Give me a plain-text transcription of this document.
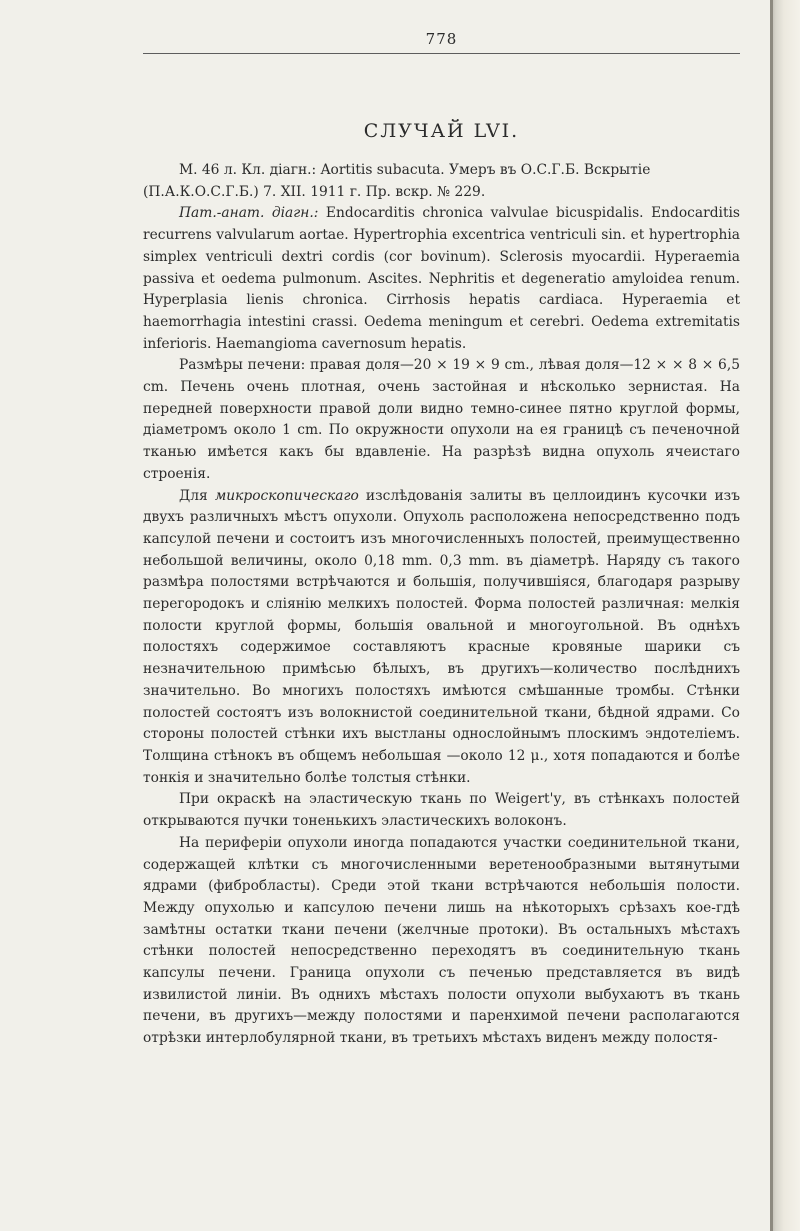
778
СЛУЧАЙ LVI.

М. 46 л. Кл. діагн.: Aortitis subacuta. Умеръ въ О.С.Г.Б. Вскрытіе

(П.А.К.О.С.Г.Б.) 7. XII. 1911 г. Пр. вскр. № 229.

Пат.-анат. діагн.: Endocarditis chronica valvulae bicuspidalis. Endocarditis recurrens valvularum aortae. Hypertrophia excentrica ventriculi sin. et hypertrophia simplex ventriculi dextri cordis (cor bovinum). Sclerosis myocardii. Hyperaemia passiva et oedema pulmonum. Ascites. Nephritis et degeneratio amyloidea renum. Hyperplasia lienis chronica. Cirrhosis hepatis cardiaca. Hyperaemia et haemorrhagia intestini crassi. Oedema meningum et cerebri. Oedema extremitatis inferioris. Haemangioma cavernosum hepatis.

Размѣры печени: правая доля—20 × 19 × 9 cm., лѣвая доля—12 × × 8 × 6,5 cm. Печень очень плотная, очень застойная и нѣсколько зернистая. На передней поверхности правой доли видно темно-синее пятно круглой формы, діаметромъ около 1 cm. По окружности опухоли на ея границѣ съ печеночной тканью имѣется какъ бы вдавленіе. На разрѣзѣ видна опухоль ячеистаго строенія.

Для микроскопическаго изслѣдованія залиты въ целлоидинъ кусочки изъ двухъ различныхъ мѣстъ опухоли. Опухоль расположена непосредственно подъ капсулой печени и состоитъ изъ многочисленныхъ полостей, преимущественно небольшой величины, около 0,18 mm. 0,3 mm. въ діаметрѣ. Наряду съ такого размѣра полостями встрѣчаются и большія, получившіяся, благодаря разрыву перегородокъ и сліянію мелкихъ полостей. Форма полостей различная: мелкія полости круглой формы, большія овальной и многоугольной. Въ однѣхъ полостяхъ содержимое составляютъ красные кровяные шарики съ незначительною примѣсью бѣлыхъ, въ другихъ—количество послѣднихъ значительно. Во многихъ полостяхъ имѣются смѣшанные тромбы. Стѣнки полостей состоятъ изъ волокнистой соединительной ткани, бѣдной ядрами. Со стороны полостей стѣнки ихъ выстланы однослойнымъ плоскимъ эндотеліемъ. Толщина стѣнокъ въ общемъ небольшая —около 12 μ., хотя попадаются и болѣе тонкія и значительно болѣе толстыя стѣнки.

При окраскѣ на эластическую ткань по Weigert'у, въ стѣнкахъ полостей открываются пучки тоненькихъ эластическихъ волоконъ.

На периферіи опухоли иногда попадаются участки соединительной ткани, содержащей клѣтки съ многочисленными веретенообразными вытянутыми ядрами (фибробласты). Среди этой ткани встрѣчаются небольшія полости. Между опухолью и капсулою печени лишь на нѣкоторыхъ срѣзахъ кое-гдѣ замѣтны остатки ткани печени (желчные протоки). Въ остальныхъ мѣстахъ стѣнки полостей непосредственно переходятъ въ соединительную ткань капсулы печени. Граница опухоли съ печенью представляется въ видѣ извилистой линіи. Въ однихъ мѣстахъ полости опухоли выбухаютъ въ ткань печени, въ другихъ—между полостями и паренхимой печени располагаются отрѣзки интерлобулярной ткани, въ третьихъ мѣстахъ виденъ между полостя-
